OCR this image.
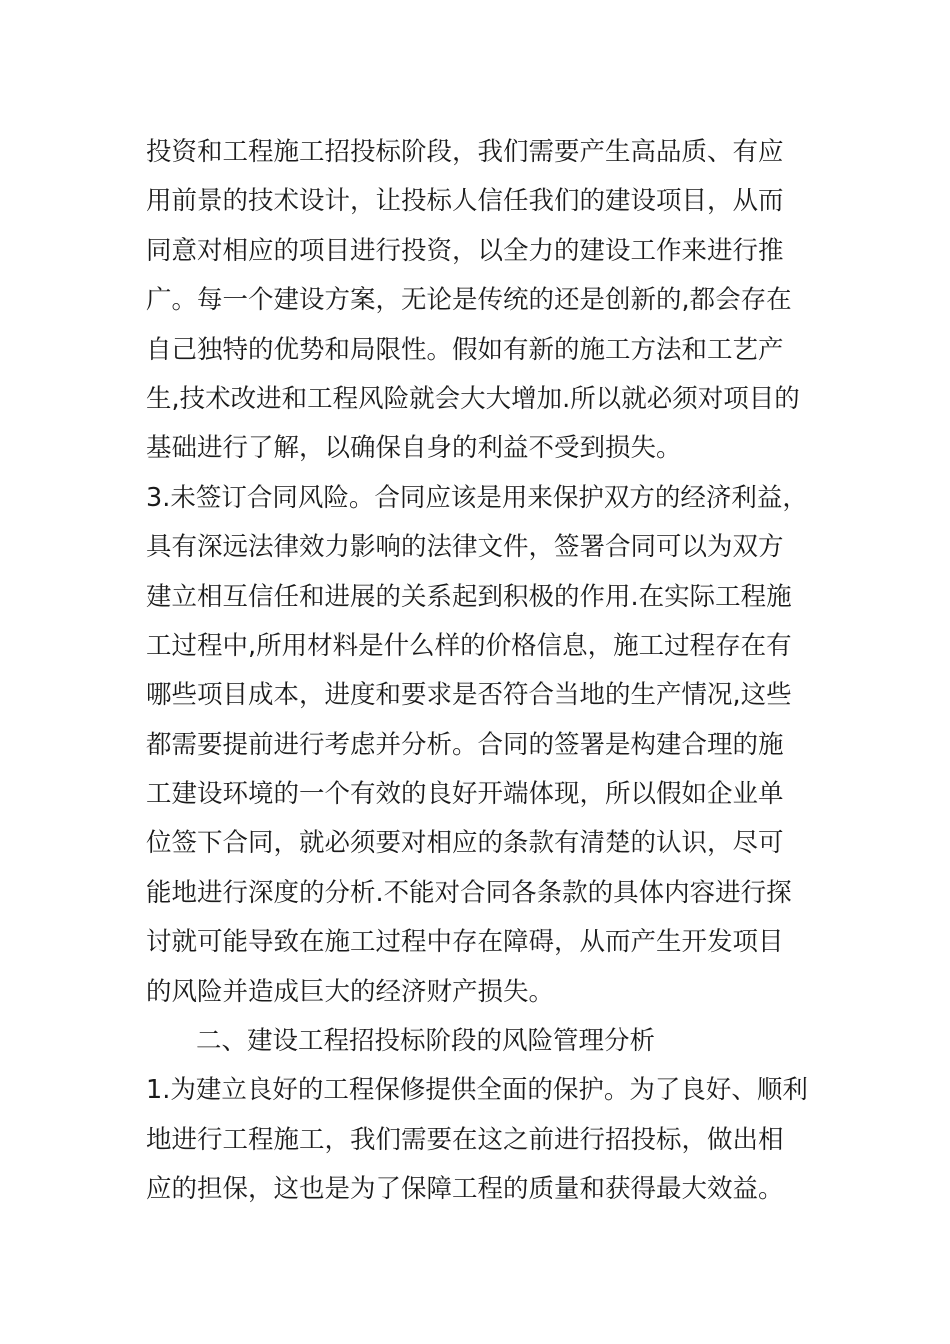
投资和工程施工招投标阶段，我们需要产生高品质、有应
用前景的技术设计，让投标人信任我们的建设项目，从而
同意对相应的项目进行投资，以全力的建设工作来进行推
广。每一个建设方案，无论是传统的还是创新的,都会存在
自己独特的优势和局限性。假如有新的施工方法和工艺产
生,技术改进和工程风险就会大大增加.所以就必须对项目的
基础进行了解，以确保自身的利益不受到损失。
3.未签订合同风险。合同应该是用来保护双方的经济利益，
具有深远法律效力影响的法律文件，签署合同可以为双方
建立相互信任和进展的关系起到积极的作用.在实际工程施
工过程中,所用材料是什么样的价格信息，施工过程存在有
哪些项目成本，进度和要求是否符合当地的生产情况,这些
都需要提前进行考虑并分析。合同的签署是构建合理的施
工建设环境的一个有效的良好开端体现，所以假如企业单
位签下合同，就必须要对相应的条款有清楚的认识，尽可
能地进行深度的分析.不能对合同各条款的具体内容进行探
讨就可能导致在施工过程中存在障碍，从而产生开发项目
的风险并造成巨大的经济财产损失。
二、建设工程招投标阶段的风险管理分析
1.为建立良好的工程保修提供全面的保护。为了良好、顺利
地进行工程施工，我们需要在这之前进行招投标，做出相
应的担保，这也是为了保障工程的质量和获得最大效益。
